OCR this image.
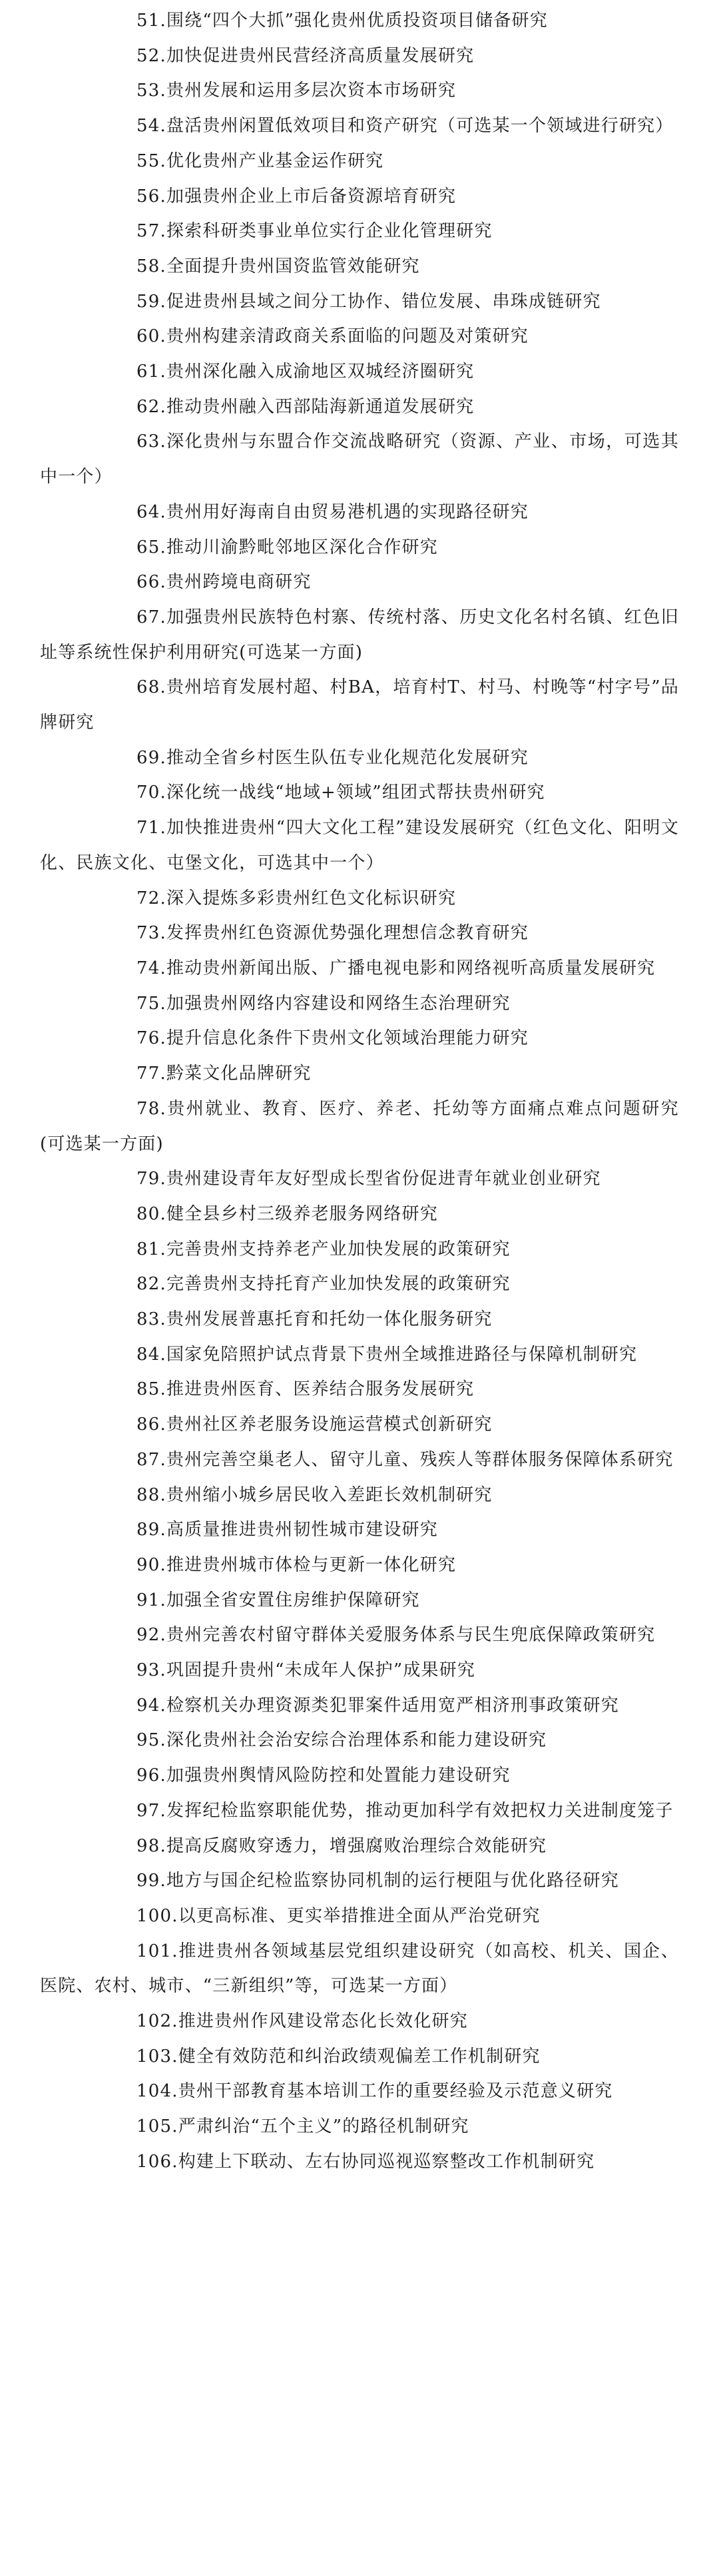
51.围绕“四个大抓”强化贵州优质投资项目储备研究

52.加快促进贵州民营经济高质量发展研究

53.贵州发展和运用多层次资本市场研究

54.盘活贵州闲置低效项目和资产研究（可选某一个领域进行研究）

55.优化贵州产业基金运作研究

56.加强贵州企业上市后备资源培育研究

57.探索科研类事业单位实行企业化管理研究

58.全面提升贵州国资监管效能研究

59.促进贵州县域之间分工协作、错位发展、串珠成链研究

60.贵州构建亲清政商关系面临的问题及对策研究

61.贵州深化融入成渝地区双城经济圈研究

62.推动贵州融入西部陆海新通道发展研究

63.深化贵州与东盟合作交流战略研究（资源、产业、市场，可选其中一个）

64.贵州用好海南自由贸易港机遇的实现路径研究

65.推动川渝黔毗邻地区深化合作研究

66.贵州跨境电商研究

67.加强贵州民族特色村寨、传统村落、历史文化名村名镇、红色旧址等系统性保护利用研究(可选某一方面)

68.贵州培育发展村超、村BA，培育村T、村马、村晚等“村字号”品牌研究

69.推动全省乡村医生队伍专业化规范化发展研究

70.深化统一战线“地域+领域”组团式帮扶贵州研究

71.加快推进贵州“四大文化工程”建设发展研究（红色文化、阳明文化、民族文化、屯堡文化，可选其中一个）

72.深入提炼多彩贵州红色文化标识研究

73.发挥贵州红色资源优势强化理想信念教育研究

74.推动贵州新闻出版、广播电视电影和网络视听高质量发展研究

75.加强贵州网络内容建设和网络生态治理研究

76.提升信息化条件下贵州文化领域治理能力研究

77.黔菜文化品牌研究

78.贵州就业、教育、医疗、养老、托幼等方面痛点难点问题研究(可选某一方面)

79.贵州建设青年友好型成长型省份促进青年就业创业研究

80.健全县乡村三级养老服务网络研究

81.完善贵州支持养老产业加快发展的政策研究

82.完善贵州支持托育产业加快发展的政策研究

83.贵州发展普惠托育和托幼一体化服务研究

84.国家免陪照护试点背景下贵州全域推进路径与保障机制研究

85.推进贵州医育、医养结合服务发展研究

86.贵州社区养老服务设施运营模式创新研究

87.贵州完善空巢老人、留守儿童、残疾人等群体服务保障体系研究

88.贵州缩小城乡居民收入差距长效机制研究

89.高质量推进贵州韧性城市建设研究

90.推进贵州城市体检与更新一体化研究

91.加强全省安置住房维护保障研究

92.贵州完善农村留守群体关爱服务体系与民生兜底保障政策研究

93.巩固提升贵州“未成年人保护”成果研究

94.检察机关办理资源类犯罪案件适用宽严相济刑事政策研究

95.深化贵州社会治安综合治理体系和能力建设研究

96.加强贵州舆情风险防控和处置能力建设研究

97.发挥纪检监察职能优势，推动更加科学有效把权力关进制度笼子

98.提高反腐败穿透力，增强腐败治理综合效能研究

99.地方与国企纪检监察协同机制的运行梗阻与优化路径研究

100.以更高标准、更实举措推进全面从严治党研究

101.推进贵州各领域基层党组织建设研究（如高校、机关、国企、医院、农村、城市、“三新组织”等，可选某一方面）

102.推进贵州作风建设常态化长效化研究

103.健全有效防范和纠治政绩观偏差工作机制研究

104.贵州干部教育基本培训工作的重要经验及示范意义研究

105.严肃纠治“五个主义”的路径机制研究

106.构建上下联动、左右协同巡视巡察整改工作机制研究
